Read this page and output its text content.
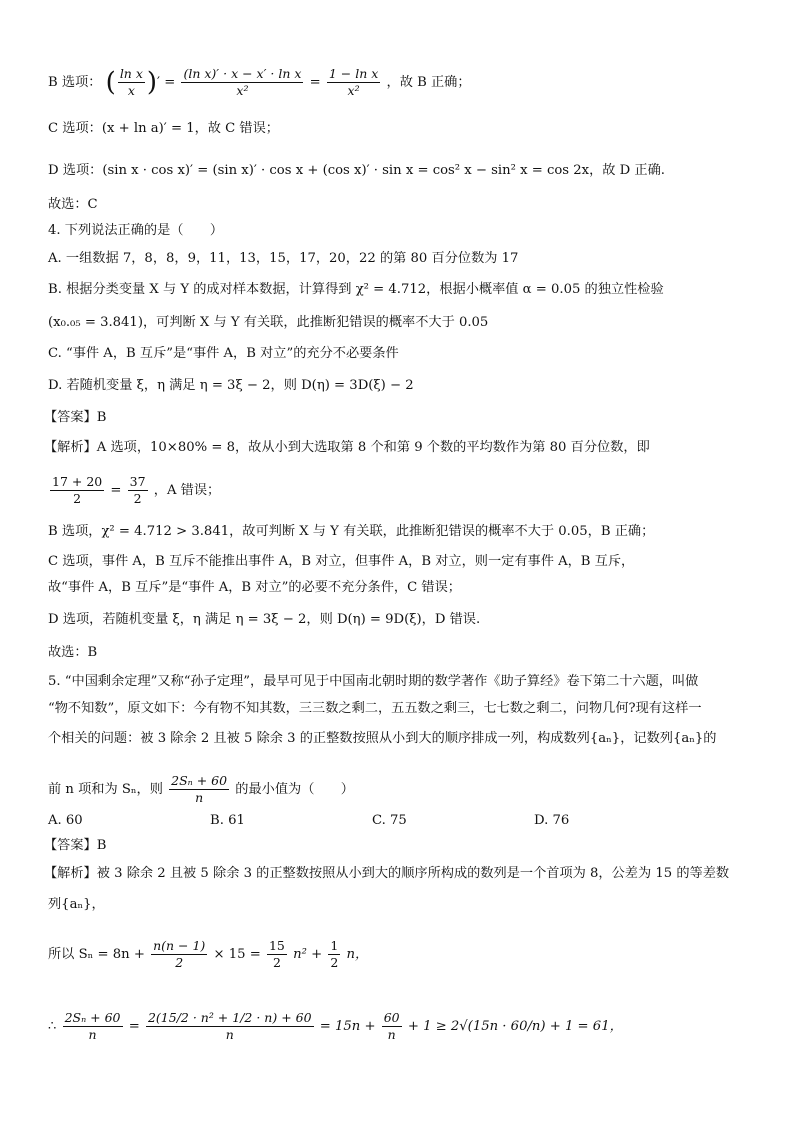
B 选项： ( $\frac{\text{ln x}}{x}$ )′ = $\frac{\text{(ln x)′ · x − x′ · ln x}}{\text{x²}} = \frac{\text{1 − ln x}}{\text{x²}}$ ，故 B 正确；
C 选项：(x + ln a)′ = 1，故 C 错误；
D 选项：(sin x · cos x)′ = (sin x)′ · cos x + (cos x)′ · sin x = cos² x − sin² x = cos 2x，故 D 正确.
故选：C
4. 下列说法正确的是（　　）
A. 一组数据 7，8，8，9，11，13，15，17，20，22 的第 80 百分位数为 17
B. 根据分类变量 X 与 Y 的成对样本数据，计算得到 χ² = 4.712，根据小概率值 α = 0.05 的独立性检验
(x₀.₀₅ = 3.841)，可判断 X 与 Y 有关联，此推断犯错误的概率不大于 0.05
C. “事件 A，B 互斥”是“事件 A，B 对立”的充分不必要条件
D. 若随机变量 ξ，η 满足 η = 3ξ − 2，则 D(η) = 3D(ξ) − 2
【答案】B
【解析】A 选项，10×80% = 8，故从小到大选取第 8 个和第 9 个数的平均数作为第 80 百分位数，即
$\frac{17 + 20}{2} = \frac{37}{2}$ ，A 错误；
B 选项，χ² = 4.712 > 3.841，故可判断 X 与 Y 有关联，此推断犯错误的概率不大于 0.05，B 正确；
C 选项，事件 A，B 互斥不能推出事件 A，B 对立，但事件 A，B 对立，则一定有事件 A，B 互斥，
故“事件 A，B 互斥”是“事件 A，B 对立”的必要不充分条件，C 错误；
D 选项，若随机变量 ξ，η 满足 η = 3ξ − 2，则 D(η) = 9D(ξ)，D 错误.
故选：B
5. “中国剩余定理”又称“孙子定理”，最早可见于中国南北朝时期的数学著作《助子算经》卷下第二十六题，叫做
“物不知数”，原文如下：今有物不知其数，三三数之剩二，五五数之剩三，七七数之剩二，问物几何?现有这样一
个相关的问题：被 3 除余 2 且被 5 除余 3 的正整数按照从小到大的顺序排成一列，构成数列{aₙ}，记数列{aₙ}的
前 n 项和为 Sₙ，则 $\frac{\text{2Sₙ + 60}}{n}$ 的最小值为（　　）
A. 60	B. 61	C. 75	D. 76
【答案】B
【解析】被 3 除余 2 且被 5 除余 3 的正整数按照从小到大的顺序所构成的数列是一个首项为 8，公差为 15 的等差数
列{aₙ}，
所以 $S_n = 8n + \frac{n(n - 1)}{2} \times 15 = \frac{15}{2} n^2 + \frac{1}{2}$ n，
∴ $\frac{\text{2Sₙ + 60}}{n} = \frac{\text{2(15/2 · n² + 1/2 · n) + 60}}{n} = 15n + \frac{60}{n} + 1 \ge 2√(15n \cdot 60/n) + 1 = 61$，
